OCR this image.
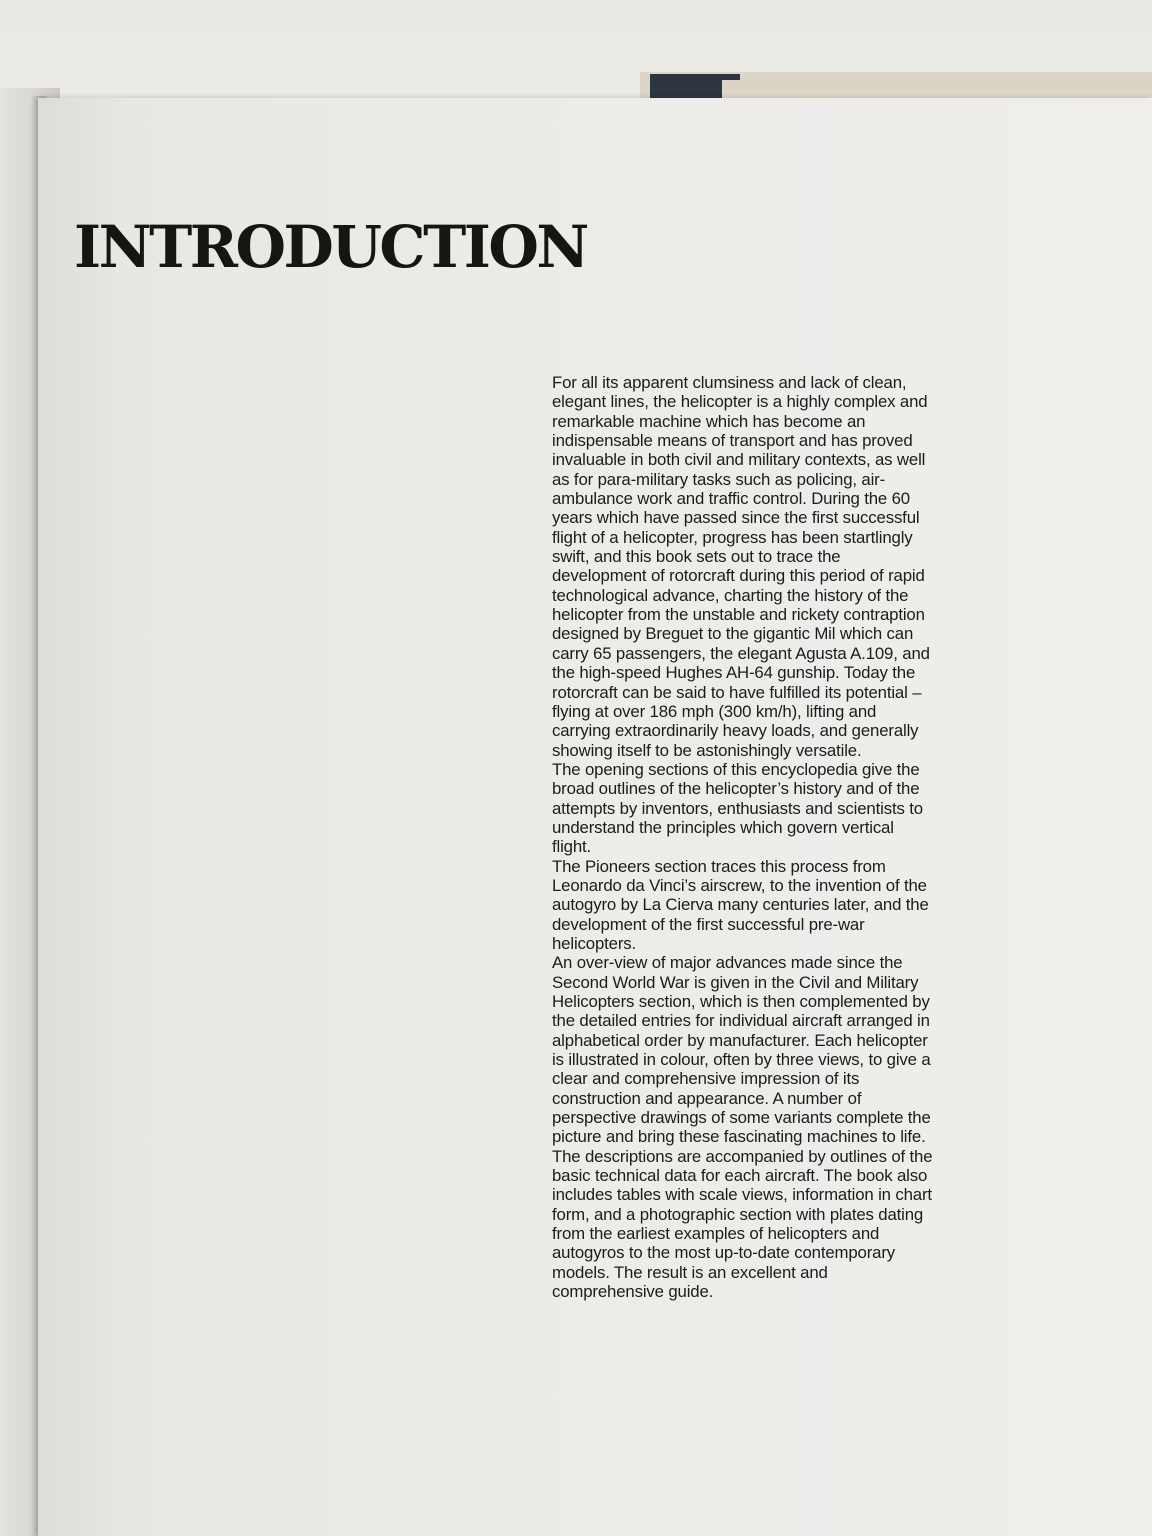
INTRODUCTION

For all its apparent clumsiness and lack of clean,
elegant lines, the helicopter is a highly complex and
remarkable machine which has become an
indispensable means of transport and has proved
invaluable in both civil and military contexts, as well
as for para-military tasks such as policing, air-
ambulance work and traffic control. During the 60
years which have passed since the first successful
flight of a helicopter, progress has been startlingly
swift, and this book sets out to trace the
development of rotorcraft during this period of rapid
technological advance, charting the history of the
helicopter from the unstable and rickety contraption
designed by Breguet to the gigantic Mil which can
carry 65 passengers, the elegant Agusta A.109, and
the high-speed Hughes AH-64 gunship. Today the
rotorcraft can be said to have fulfilled its potential –
flying at over 186 mph (300 km/h), lifting and
carrying extraordinarily heavy loads, and generally
showing itself to be astonishingly versatile.
The opening sections of this encyclopedia give the
broad outlines of the helicopter’s history and of the
attempts by inventors, enthusiasts and scientists to
understand the principles which govern vertical
flight.
The Pioneers section traces this process from
Leonardo da Vinci’s airscrew, to the invention of the
autogyro by La Cierva many centuries later, and the
development of the first successful pre-war
helicopters.
An over-view of major advances made since the
Second World War is given in the Civil and Military
Helicopters section, which is then complemented by
the detailed entries for individual aircraft arranged in
alphabetical order by manufacturer. Each helicopter
is illustrated in colour, often by three views, to give a
clear and comprehensive impression of its
construction and appearance. A number of
perspective drawings of some variants complete the
picture and bring these fascinating machines to life.
The descriptions are accompanied by outlines of the
basic technical data for each aircraft. The book also
includes tables with scale views, information in chart
form, and a photographic section with plates dating
from the earliest examples of helicopters and
autogyros to the most up-to-date contemporary
models. The result is an excellent and
comprehensive guide.
